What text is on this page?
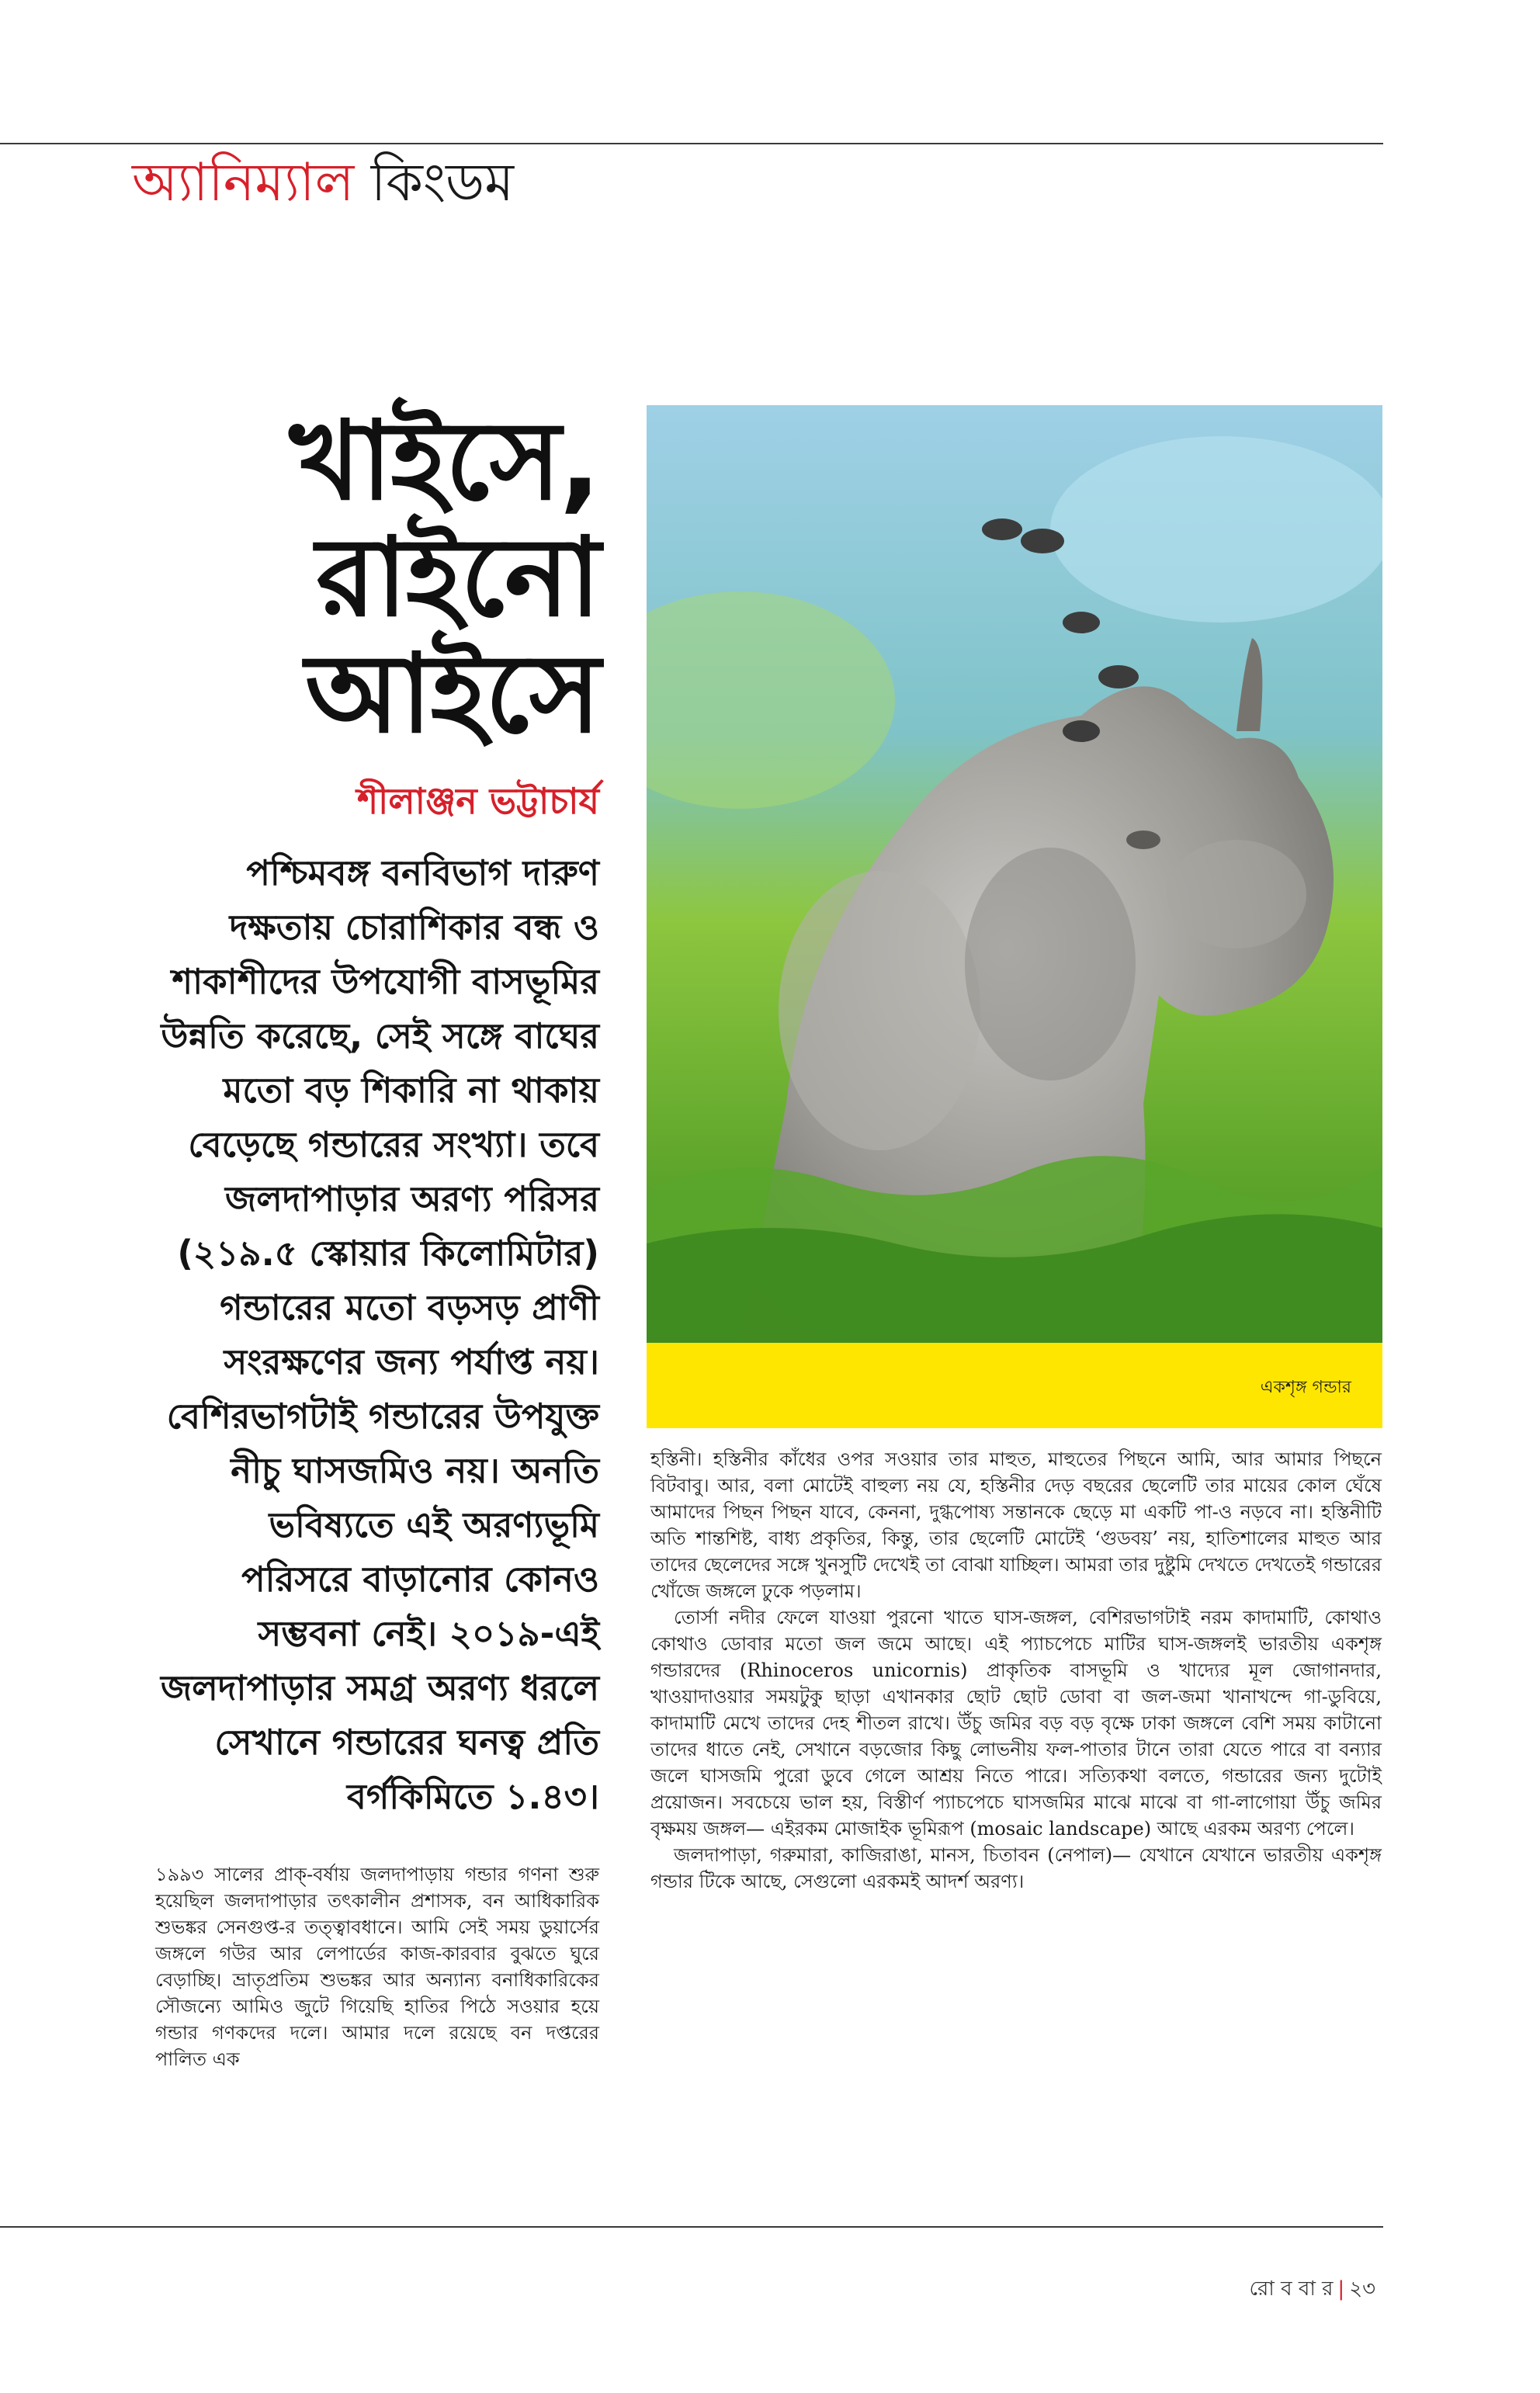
অ্যানিম্যাল কিংডম
খাইসে,
রাইনো
আইসে
শীলাঞ্জন ভট্টাচার্য

পশ্চিমবঙ্গ বনবিভাগ দারুণ
দক্ষতায় চোরাশিকার বন্ধ ও
শাকাশীদের উপযোগী বাসভূমির
উন্নতি করেছে, সেই সঙ্গে বাঘের
মতো বড় শিকারি না থাকায়
বেড়েছে গন্ডারের সংখ্যা। তবে
জলদাপাড়ার অরণ্য পরিসর
(২১৯.৫ স্কোয়ার কিলোমিটার)
গন্ডারের মতো বড়সড় প্রাণী
সংরক্ষণের জন্য পর্যাপ্ত নয়।
বেশিরভাগটাই গন্ডারের উপযুক্ত
নীচু ঘাসজমিও নয়। অনতি
ভবিষ্যতে এই অরণ্যভূমি
পরিসরে বাড়ানোর কোনও
সম্ভবনা নেই। ২০১৯-এই
জলদাপাড়ার সমগ্র অরণ্য ধরলে
সেখানে গন্ডারের ঘনত্ব প্রতি
বর্গকিমিতে ১.৪৩।

১৯৯৩ সালের প্রাক্-বর্ষায় জলদাপাড়ায় গন্ডার গণনা শুরু হয়েছিল জলদাপাড়ার তৎকালীন প্রশাসক, বন আধিকারিক শুভঙ্কর সেনগুপ্ত-র তত্ত্বাবধানে। আমি সেই সময় ডুয়ার্সের জঙ্গলে গউর আর লেপার্ডের কাজ-কারবার বুঝতে ঘুরে বেড়াচ্ছি। ভ্রাতৃপ্রতিম শুভঙ্কর আর অন্যান্য বনাধিকারিকের সৌজন্যে আমিও জুটে গিয়েছি হাতির পিঠে সওয়ার হয়ে গন্ডার গণকদের দলে। আমার দলে রয়েছে বন দপ্তরের পালিত এক

একশৃঙ্গ গন্ডার

হস্তিনী। হস্তিনীর কাঁধের ওপর সওয়ার তার মাহুত, মাহুতের পিছনে আমি, আর আমার পিছনে বিটবাবু। আর, বলা মোটেই বাহুল্য নয় যে, হস্তিনীর দেড় বছরের ছেলেটি তার মায়ের কোল ঘেঁষে আমাদের পিছন পিছন যাবে, কেননা, দুগ্ধপোষ্য সন্তানকে ছেড়ে মা একটি পা-ও নড়বে না। হস্তিনীটি অতি শান্তশিষ্ট, বাধ্য প্রকৃতির, কিন্তু, তার ছেলেটি মোটেই ‘গুডবয়’ নয়, হাতিশালের মাহুত আর তাদের ছেলেদের সঙ্গে খুনসুটি দেখেই তা বোঝা যাচ্ছিল। আমরা তার দুষ্টুমি দেখতে দেখতেই গন্ডারের খোঁজে জঙ্গলে ঢুকে পড়লাম।

তোর্সা নদীর ফেলে যাওয়া পুরনো খাতে ঘাস-জঙ্গল, বেশিরভাগটাই নরম কাদামাটি, কোথাও কোথাও ডোবার মতো জল জমে আছে। এই প্যাচপেচে মাটির ঘাস-জঙ্গলই ভারতীয় একশৃঙ্গ গন্ডারদের (Rhinoceros unicornis) প্রাকৃতিক বাসভূমি ও খাদ্যের মূল জোগানদার, খাওয়াদাওয়ার সময়টুকু ছাড়া এখানকার ছোট ছোট ডোবা বা জল-জমা খানাখন্দে গা-ডুবিয়ে, কাদামাটি মেখে তাদের দেহ শীতল রাখে। উঁচু জমির বড় বড় বৃক্ষে ঢাকা জঙ্গলে বেশি সময় কাটানো তাদের ধাতে নেই, সেখানে বড়জোর কিছু লোভনীয় ফল-পাতার টানে তারা যেতে পারে বা বন্যার জলে ঘাসজমি পুরো ডুবে গেলে আশ্রয় নিতে পারে। সত্যিকথা বলতে, গন্ডারের জন্য দুটোই প্রয়োজন। সবচেয়ে ভাল হয়, বিস্তীর্ণ প্যাচপেচে ঘাসজমির মাঝে মাঝে বা গা-লাগোয়া উঁচু জমির বৃক্ষময় জঙ্গল— এইরকম মোজাইক ভূমিরূপ (mosaic landscape) আছে এরকম অরণ্য পেলে।

জলদাপাড়া, গরুমারা, কাজিরাঙা, মানস, চিতাবন (নেপাল)— যেখানে যেখানে ভারতীয় একশৃঙ্গ গন্ডার টিকে আছে, সেগুলো এরকমই আদর্শ অরণ্য।

রো ব বা র | ২৩
